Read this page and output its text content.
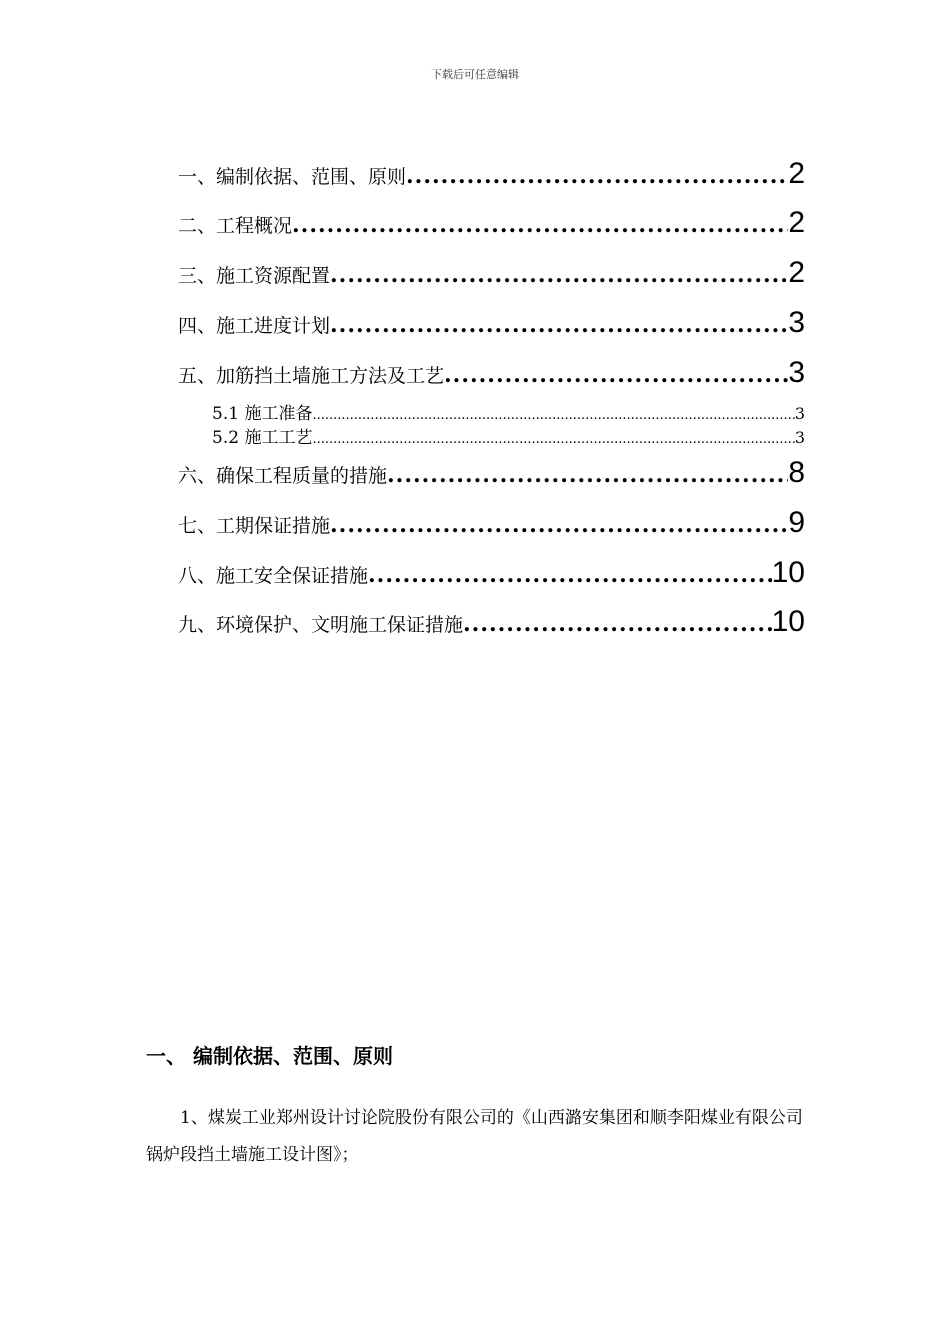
下载后可任意编辑
一、编制依据、范围、原则 .....	2
二、工程概况 .....	2
三、施工资源配置 .....	2
四、施工进度计划 .....	3
五、加筋挡土墙施工方法及工艺 .....	3
5.1 施工准备 .....	3
5.2 施工工艺 .....	3
六、确保工程质量的措施 .....	8
七、工期保证措施 .....	9
八、施工安全保证措施 .....	10
九、环境保护、文明施工保证措施 .....	10
一、 编制依据、范围、原则
1、煤炭工业郑州设计讨论院股份有限公司的《山西潞安集团和顺李阳煤业有限公司锅炉段挡土墙施工设计图》；
